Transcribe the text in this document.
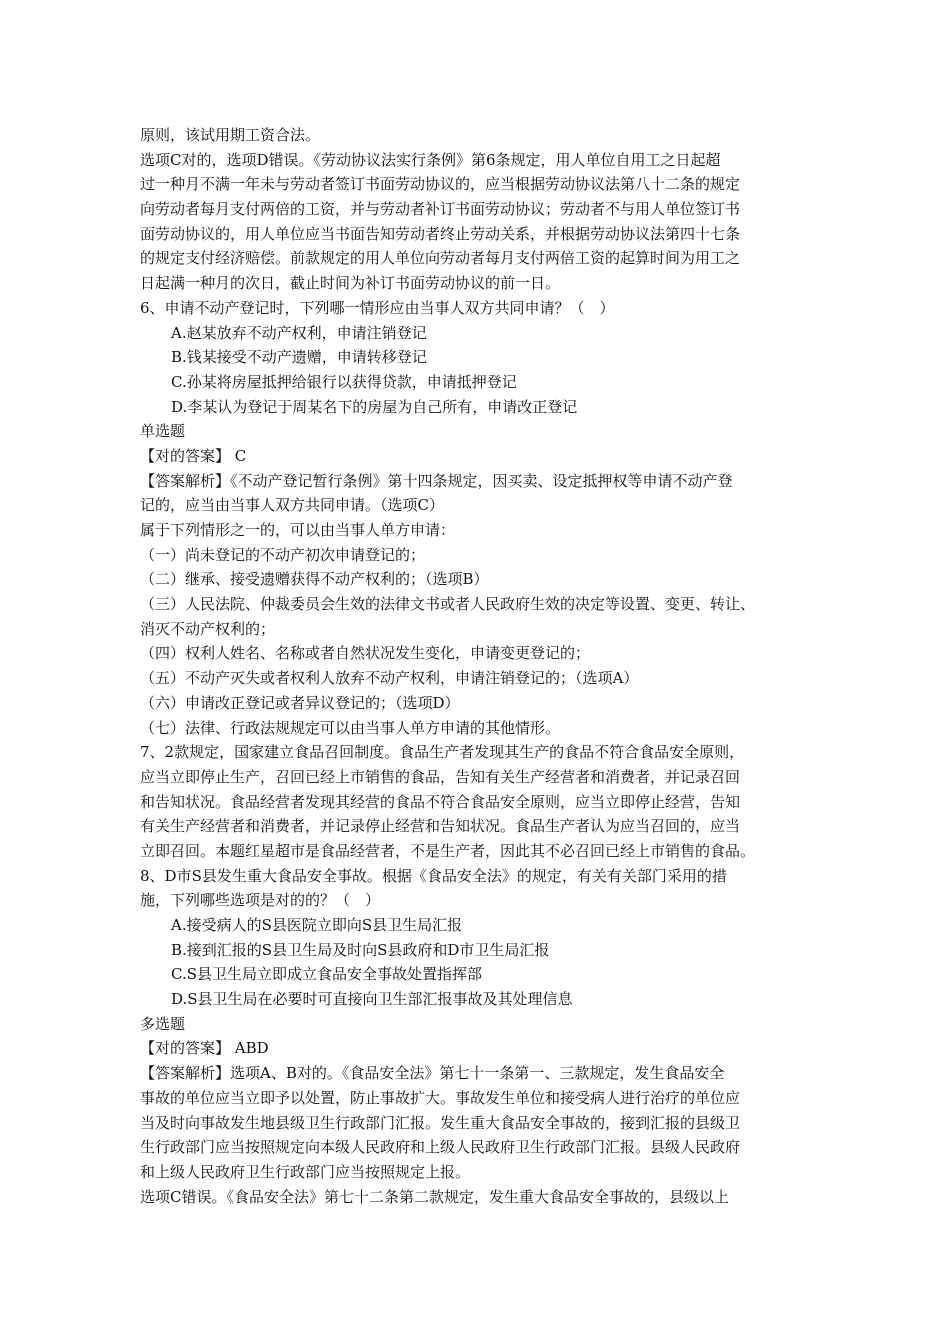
原则，该试用期工资合法。
选项C对的，选项D错误。《劳动协议法实行条例》第6条规定，用人单位自用工之日起超
过一种月不满一年未与劳动者签订书面劳动协议的，应当根据劳动协议法第八十二条的规定
向劳动者每月支付两倍的工资，并与劳动者补订书面劳动协议；劳动者不与用人单位签订书
面劳动协议的，用人单位应当书面告知劳动者终止劳动关系，并根据劳动协议法第四十七条
的规定支付经济赔偿。前款规定的用人单位向劳动者每月支付两倍工资的起算时间为用工之
日起满一种月的次日，截止时间为补订书面劳动协议的前一日。
6、申请不动产登记时，下列哪一情形应由当事人双方共同申请？（　）
A.赵某放弃不动产权利，申请注销登记
B.钱某接受不动产遗赠，申请转移登记
C.孙某将房屋抵押给银行以获得贷款，申请抵押登记
D.李某认为登记于周某名下的房屋为自己所有，申请改正登记
单选题
【对的答案】 C
【答案解析】《不动产登记暂行条例》第十四条规定，因买卖、设定抵押权等申请不动产登
记的，应当由当事人双方共同申请。（选项C）
属于下列情形之一的，可以由当事人单方申请：
（一）尚未登记的不动产初次申请登记的；
（二）继承、接受遗赠获得不动产权利的；（选项B）
（三）人民法院、仲裁委员会生效的法律文书或者人民政府生效的决定等设置、变更、转让、
消灭不动产权利的；
（四）权利人姓名、名称或者自然状况发生变化，申请变更登记的；
（五）不动产灭失或者权利人放弃不动产权利，申请注销登记的；（选项A）
（六）申请改正登记或者异议登记的；（选项D）
（七）法律、行政法规规定可以由当事人单方申请的其他情形。
7、2款规定，国家建立食品召回制度。食品生产者发现其生产的食品不符合食品安全原则，
应当立即停止生产，召回已经上市销售的食品，告知有关生产经营者和消费者，并记录召回
和告知状况。食品经营者发现其经营的食品不符合食品安全原则，应当立即停止经营，告知
有关生产经营者和消费者，并记录停止经营和告知状况。食品生产者认为应当召回的，应当
立即召回。本题红星超市是食品经营者，不是生产者，因此其不必召回已经上市销售的食品。
8、D市S县发生重大食品安全事故。根据《食品安全法》的规定，有关有关部门采用的措
施，下列哪些选项是对的的？（　）
A.接受病人的S县医院立即向S县卫生局汇报
B.接到汇报的S县卫生局及时向S县政府和D市卫生局汇报
C.S县卫生局立即成立食品安全事故处置指挥部
D.S县卫生局在必要时可直接向卫生部汇报事故及其处理信息
多选题
【对的答案】 ABD
【答案解析】选项A、B对的。《食品安全法》第七十一条第一、三款规定，发生食品安全
事故的单位应当立即予以处置，防止事故扩大。事故发生单位和接受病人进行治疗的单位应
当及时向事故发生地县级卫生行政部门汇报。发生重大食品安全事故的，接到汇报的县级卫
生行政部门应当按照规定向本级人民政府和上级人民政府卫生行政部门汇报。县级人民政府
和上级人民政府卫生行政部门应当按照规定上报。
选项C错误。《食品安全法》第七十二条第二款规定，发生重大食品安全事故的，县级以上
